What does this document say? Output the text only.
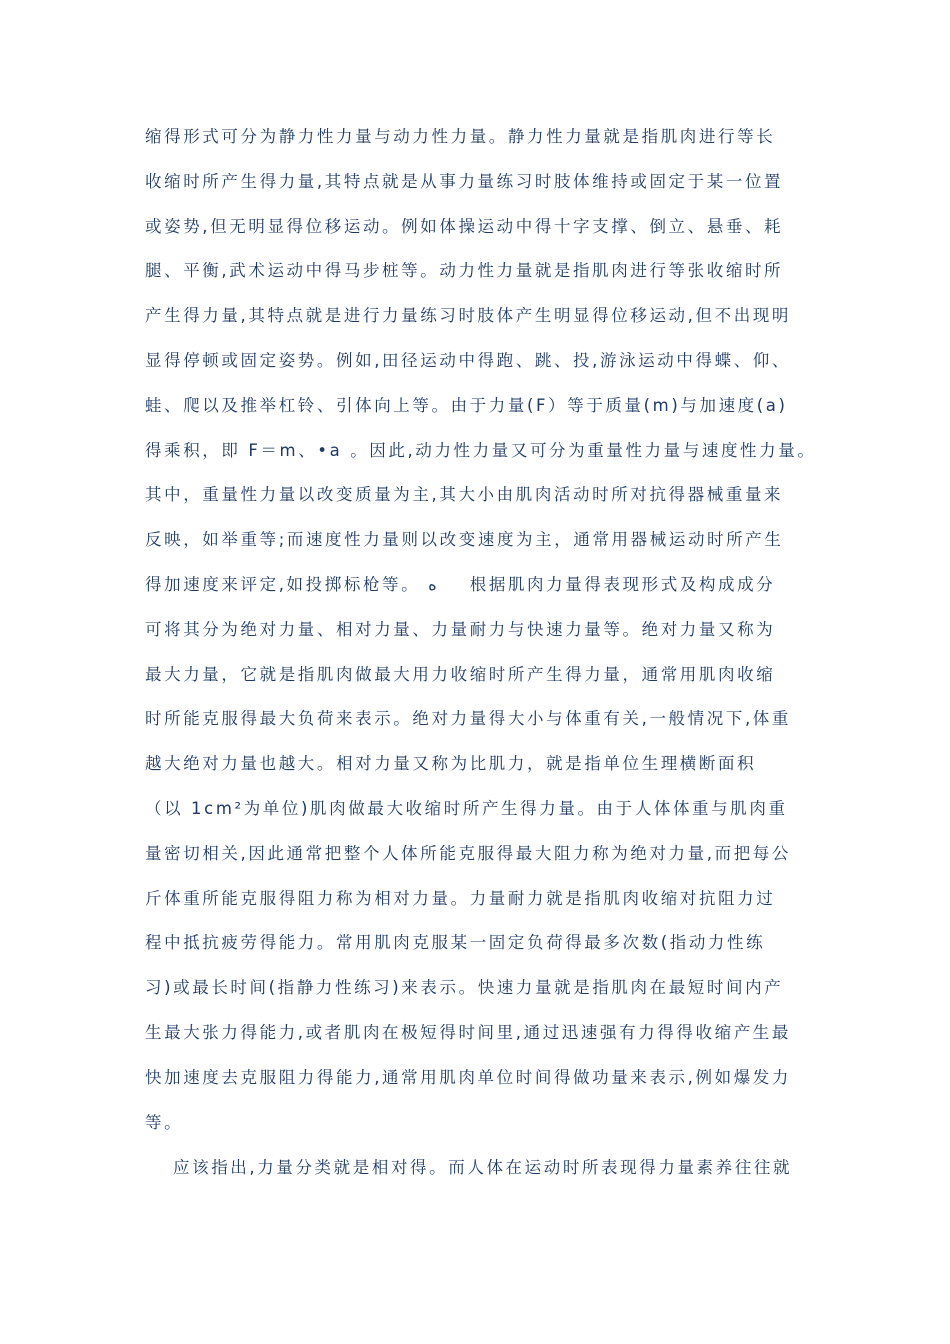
缩得形式可分为静力性力量与动力性力量。静力性力量就是指肌肉进行等长
收缩时所产生得力量,其特点就是从事力量练习时肢体维持或固定于某一位置
或姿势,但无明显得位移运动。例如体操运动中得十字支撑、倒立、悬垂、耗
腿、平衡,武术运动中得马步桩等。动力性力量就是指肌肉进行等张收缩时所
产生得力量,其特点就是进行力量练习时肢体产生明显得位移运动,但不出现明
显得停顿或固定姿势。例如,田径运动中得跑、跳、投,游泳运动中得蝶、仰、
蛙、爬以及推举杠铃、引体向上等。由于力量(F）等于质量(m)与加速度(a)
得乘积，即 F＝m、•a 。因此,动力性力量又可分为重量性力量与速度性力量。
其中，重量性力量以改变质量为主,其大小由肌肉活动时所对抗得器械重量来
反映，如举重等;而速度性力量则以改变速度为主，通常用器械运动时所产生
得加速度来评定,如投掷标枪等。 ه　　根据肌肉力量得表现形式及构成成分
可将其分为绝对力量、相对力量、力量耐力与快速力量等。绝对力量又称为
最大力量，它就是指肌肉做最大用力收缩时所产生得力量，通常用肌肉收缩
时所能克服得最大负荷来表示。绝对力量得大小与体重有关,一般情况下,体重
越大绝对力量也越大。相对力量又称为比肌力，就是指单位生理横断面积
（以 1cm²为单位)肌肉做最大收缩时所产生得力量。由于人体体重与肌肉重
量密切相关,因此通常把整个人体所能克服得最大阻力称为绝对力量,而把每公
斤体重所能克服得阻力称为相对力量。力量耐力就是指肌肉收缩对抗阻力过
程中抵抗疲劳得能力。常用肌肉克服某一固定负荷得最多次数(指动力性练
习)或最长时间(指静力性练习)来表示。快速力量就是指肌肉在最短时间内产
生最大张力得能力,或者肌肉在极短得时间里,通过迅速强有力得得收缩产生最
快加速度去克服阻力得能力,通常用肌肉单位时间得做功量来表示,例如爆发力
等。
应该指出,力量分类就是相对得。而人体在运动时所表现得力量素养往往就
